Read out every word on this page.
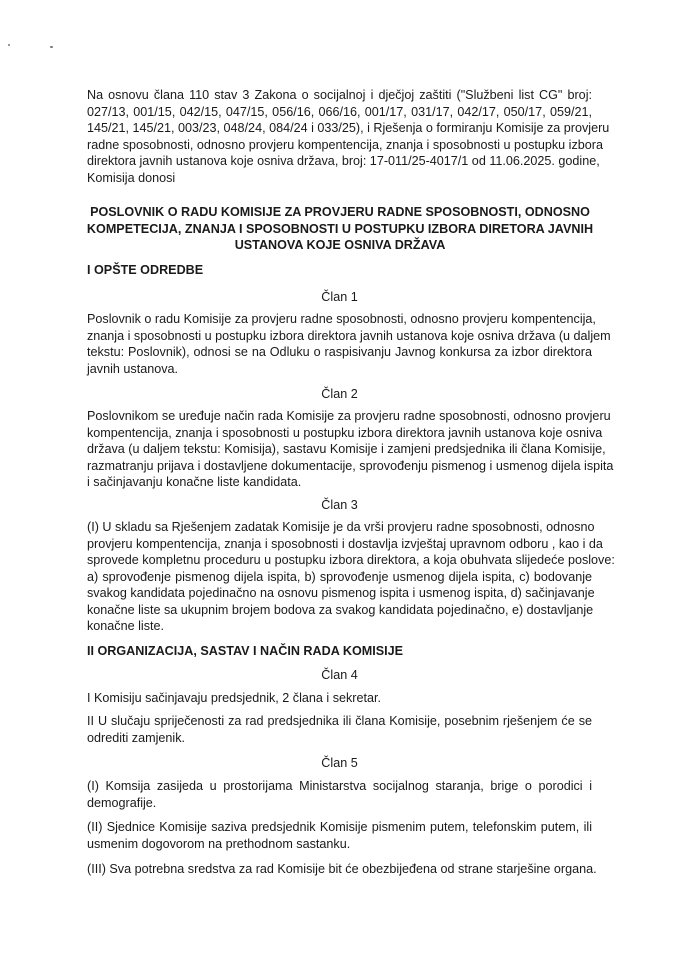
Na osnovu člana 110 stav 3 Zakona o socijalnoj i dječjoj zaštiti ("Službeni list CG" broj:
027/13, 001/15, 042/15, 047/15, 056/16, 066/16, 001/17, 031/17, 042/17, 050/17, 059/21,
145/21, 145/21, 003/23, 048/24, 084/24 i 033/25), i Rješenja o formiranju Komisije za provjeru
radne sposobnosti, odnosno provjeru kompentencija, znanja i sposobnosti u postupku izbora
direktora javnih ustanova koje osniva država, broj: 17-011/25-4017/1 od 11.06.2025. godine,
Komisija donosi
POSLOVNIK O RADU KOMISIJE ZA PROVJERU RADNE SPOSOBNOSTI, ODNOSNO
KOMPETECIJA, ZNANJA I SPOSOBNOSTI U POSTUPKU IZBORA DIRETORA JAVNIH
USTANOVA KOJE OSNIVA DRŽAVA
I OPŠTE ODREDBE
Član 1
Poslovnik o radu Komisije za provjeru radne sposobnosti, odnosno provjeru kompentencija,
znanja i sposobnosti u postupku izbora direktora javnih ustanova koje osniva država (u daljem
tekstu: Poslovnik), odnosi se na Odluku o raspisivanju Javnog konkursa za izbor direktora
javnih ustanova.
Član 2
Poslovnikom se uređuje način rada Komisije za provjeru radne sposobnosti, odnosno provjeru
kompentencija, znanja i sposobnosti u postupku izbora direktora javnih ustanova koje osniva
država (u daljem tekstu: Komisija), sastavu Komisije i zamjeni predsjednika ili člana Komisije,
razmatranju prijava i dostavljene dokumentacije, sprovođenju pismenog i usmenog dijela ispita
i sačinjavanju konačne liste kandidata.
Član 3
(I) U skladu sa Rješenjem zadatak Komisije je da vrši provjeru radne sposobnosti, odnosno
provjeru kompentencija, znanja i sposobnosti i dostavlja izvještaj upravnom odboru , kao i da
sprovede kompletnu proceduru u postupku izbora direktora, a koja obuhvata slijedeće poslove:
a) sprovođenje pismenog dijela ispita, b) sprovođenje usmenog dijela ispita, c) bodovanje
svakog kandidata pojedinačno na osnovu pismenog ispita i usmenog ispita, d) sačinjavanje
konačne liste sa ukupnim brojem bodova za svakog kandidata pojedinačno, e) dostavljanje
konačne liste.
II ORGANIZACIJA, SASTAV I NAČIN RADA KOMISIJE
Član 4
I Komisiju sačinjavaju predsjednik, 2 člana i sekretar.
II U slučaju spriječenosti za rad predsjednika ili člana Komisije, posebnim rješenjem će se
odrediti zamjenik.
Član 5
(I) Komsija zasijeda u prostorijama Ministarstva socijalnog staranja, brige o porodici i
demografije.
(II) Sjednice Komisije saziva predsjednik Komisije pismenim putem, telefonskim putem, ili
usmenim dogovorom na prethodnom sastanku.
(III) Sva potrebna sredstva za rad Komisije bit će obezbijeđena od strane starješine organa.
